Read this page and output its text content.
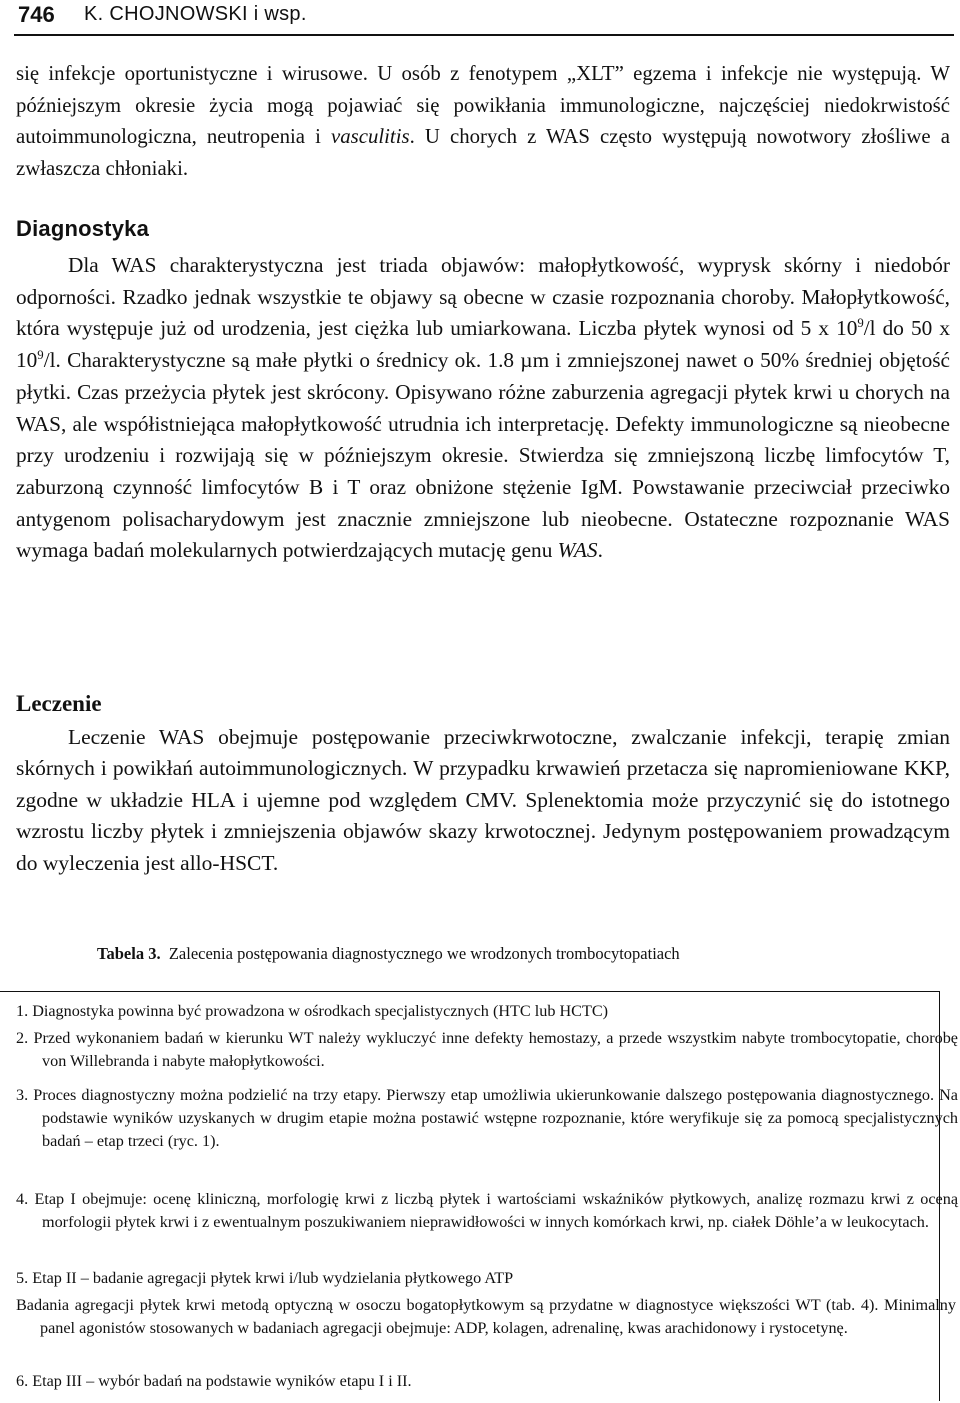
746 K. CHOJNOWSKI i wsp.

się infekcje oportunistyczne i wirusowe. U osób z fenotypem „XLT” egzema i infekcje nie występują. W późniejszym okresie życia mogą pojawiać się powikłania immunologiczne, najczęściej niedokrwistość autoimmunologiczna, neutropenia i vasculitis. U chorych z WAS często występują nowotwory złośliwe a zwłaszcza chłoniaki.

Diagnostyka

Dla WAS charakterystyczna jest triada objawów: małopłytkowość, wyprysk skórny i niedobór odporności. Rzadko jednak wszystkie te objawy są obecne w czasie rozpoznania choroby. Małopłytkowość, która występuje już od urodzenia, jest ciężka lub umiarkowana. Liczba płytek wynosi od 5 x $10^9/l$ do 50 x $10^9/l$. Charakterystyczne są małe płytki o średnicy ok. 1.8 µm i zmniejszonej nawet o 50% średniej objętość płytki. Czas przeżycia płytek jest skrócony. Opisywano różne zaburzenia agregacji płytek krwi u chorych na WAS, ale współistniejąca małopłytkowość utrudnia ich interpretację. Defekty immunologiczne są nieobecne przy urodzeniu i rozwijają się w późniejszym okresie. Stwierdza się zmniejszoną liczbę limfocytów T, zaburzoną czynność limfocytów B i T oraz obniżone stężenie IgM. Powstawanie przeciwciał przeciwko antygenom polisacharydowym jest znacznie zmniejszone lub nieobecne. Ostateczne rozpoznanie WAS wymaga badań molekularnych potwierdzających mutację genu WAS.

Leczenie

Leczenie WAS obejmuje postępowanie przeciwkrwotoczne, zwalczanie infekcji, terapię zmian skórnych i powikłań autoimmunologicznych. W przypadku krwawień przetacza się napromieniowane KKP, zgodne w układzie HLA i ujemne pod względem CMV. Splenektomia może przyczynić się do istotnego wzrostu liczby płytek i zmniejszenia objawów skazy krwotocznej. Jedynym postępowaniem prowadzącym do wyleczenia jest allo-HSCT.

Tabela 3. Zalecenia postępowania diagnostycznego we wrodzonych trombocytopatiach

1. Diagnostyka powinna być prowadzona w ośrodkach specjalistycznych (HTC lub HCTC)

2. Przed wykonaniem badań w kierunku WT należy wykluczyć inne defekty hemostazy, a przede wszystkim nabyte trombocytopatie, chorobę von Willebranda i nabyte małopłytkowości.

3. Proces diagnostyczny można podzielić na trzy etapy. Pierwszy etap umożliwia ukierunkowanie dalszego postępowania diagnostycznego. Na podstawie wyników uzyskanych w drugim etapie można postawić wstępne rozpoznanie, które weryfikuje się za pomocą specjalistycznych badań – etap trzeci (ryc. 1).

4. Etap I obejmuje: ocenę kliniczną, morfologię krwi z liczbą płytek i wartościami wskaźników płytkowych, analizę rozmazu krwi z oceną morfologii płytek krwi i z ewentualnym poszukiwaniem nieprawidłowości w innych komórkach krwi, np. ciałek Döhle’a w leukocytach.

5. Etap II – badanie agregacji płytek krwi i/lub wydzielania płytkowego ATP

Badania agregacji płytek krwi metodą optyczną w osoczu bogatopłytkowym są przydatne w diagnostyce większości WT (tab. 4). Minimalny panel agonistów stosowanych w badaniach agregacji obejmuje: ADP, kolagen, adrenalinę, kwas arachidonowy i rystocetynę.

6. Etap III – wybór badań na podstawie wyników etapu I i II.
